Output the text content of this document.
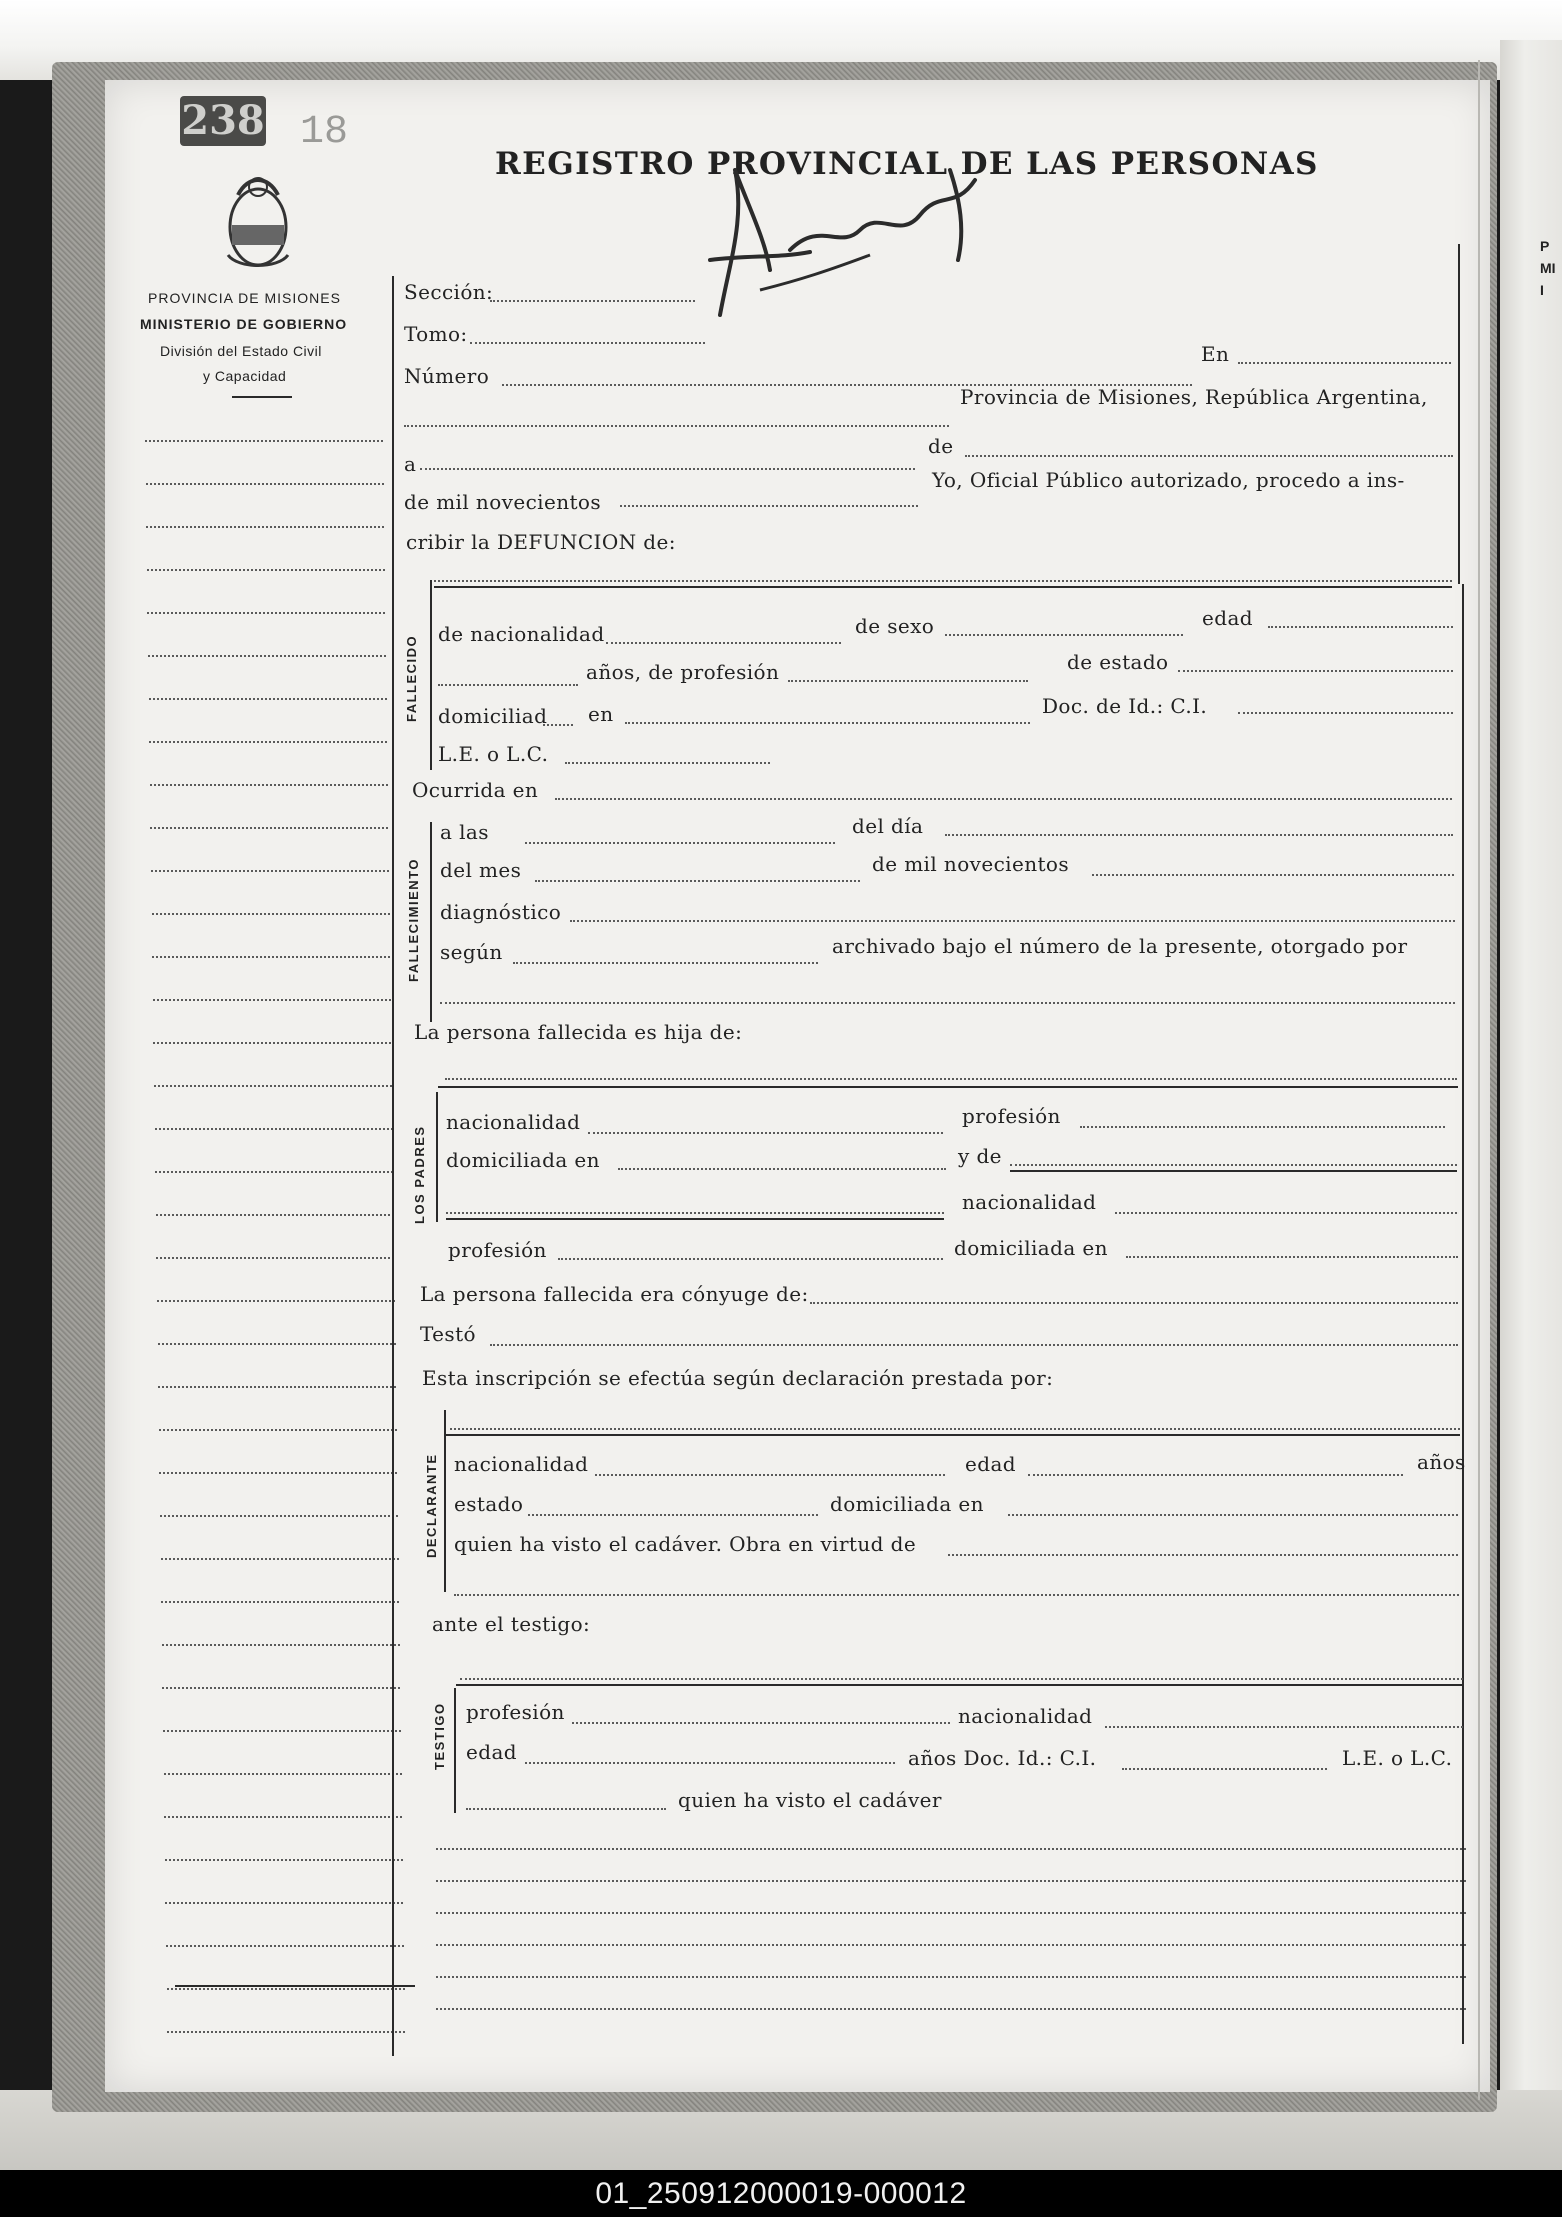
P
MI
I
238 18
REGISTRO PROVINCIAL DE LAS PERSONAS
PROVINCIA DE MISIONES
MINISTERIO DE GOBIERNO
División del Estado Civil
y Capacidad
Sección:
Tomo:
Número
En
Provincia de Misiones, República Argentina,
a
de
de mil novecientos
Yo, Oficial Público autorizado, procedo a ins-
cribir la DEFUNCION de:
FALLECIDO
de nacionalidad	de sexo	edad
años, de profesión	de estado
domiciliad en	Doc. de Id.: C.I.
L.E. o L.C.
Ocurrida en
FALLECIMIENTO
a las	del día
del mes	de mil novecientos
diagnóstico
según	archivado bajo el número de la presente, otorgado por
La persona fallecida es hija de:
LOS PADRES
nacionalidad	profesión
domiciliada en	y de
nacionalidad
profesión	domiciliada en
La persona fallecida era cónyuge de:
Testó
Esta inscripción se efectúa según declaración prestada por:
DECLARANTE nacionalidad	edad	años
estado	domiciliada en
quien ha visto el cadáver. Obra en virtud de
ante el testigo:
TESTIGO profesión	nacionalidad
edad	años Doc. Id.: C.I.	L.E. o L.C.
quien ha visto el cadáver
01_250912000019-000012
